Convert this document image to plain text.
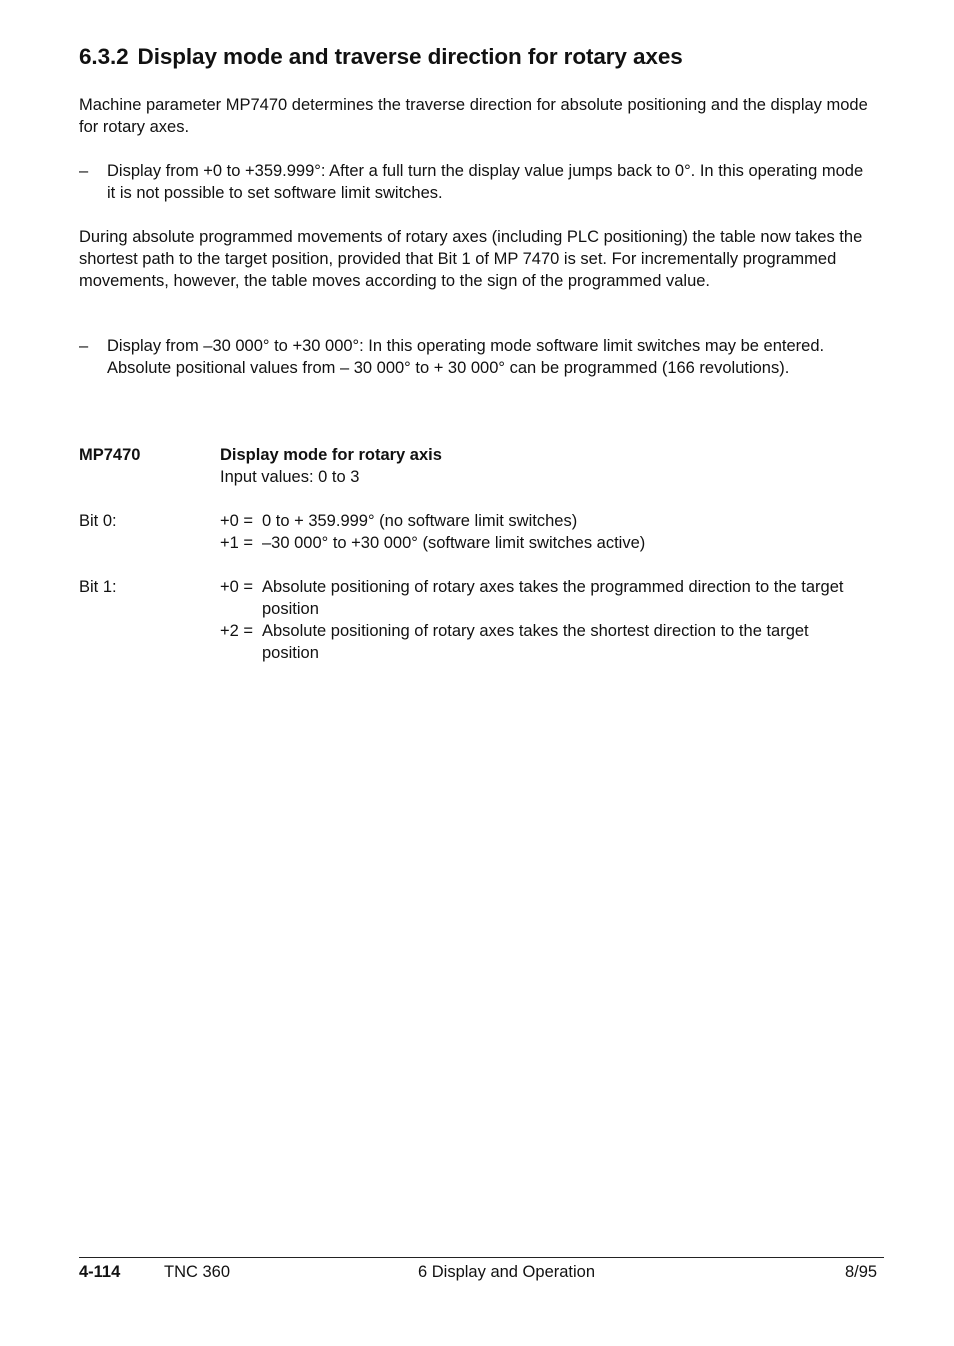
6.3.2 Display mode and traverse direction for rotary axes

Machine parameter MP7470 determines the traverse direction for absolute positioning and the display mode for rotary axes.

– Display from +0 to +359.999°: After a full turn the display value jumps back to 0°. In this operating mode it is not possible to set software limit switches.

During absolute programmed movements of rotary axes (including PLC positioning) the table now takes the shortest path to the target position, provided that Bit 1 of MP 7470 is set. For incrementally programmed movements, however, the table moves according to the sign of the programmed value.

– Display from –30 000° to +30 000°: In this operating mode software limit switches may be entered. Absolute positional values from – 30 000° to + 30 000° can be programmed (166 revolutions).
MP7470	Display mode for rotary axis
Input values: 0 to 3
Bit 0:	+0 = 0 to + 359.999° (no software limit switches)
+1 = –30 000° to +30 000° (software limit switches active)
Bit 1:	+0 = Absolute positioning of rotary axes takes the programmed direction to the target position
+2 = Absolute positioning of rotary axes takes the shortest direction to the target position
4-114	TNC 360	6 Display and Operation	8/95
